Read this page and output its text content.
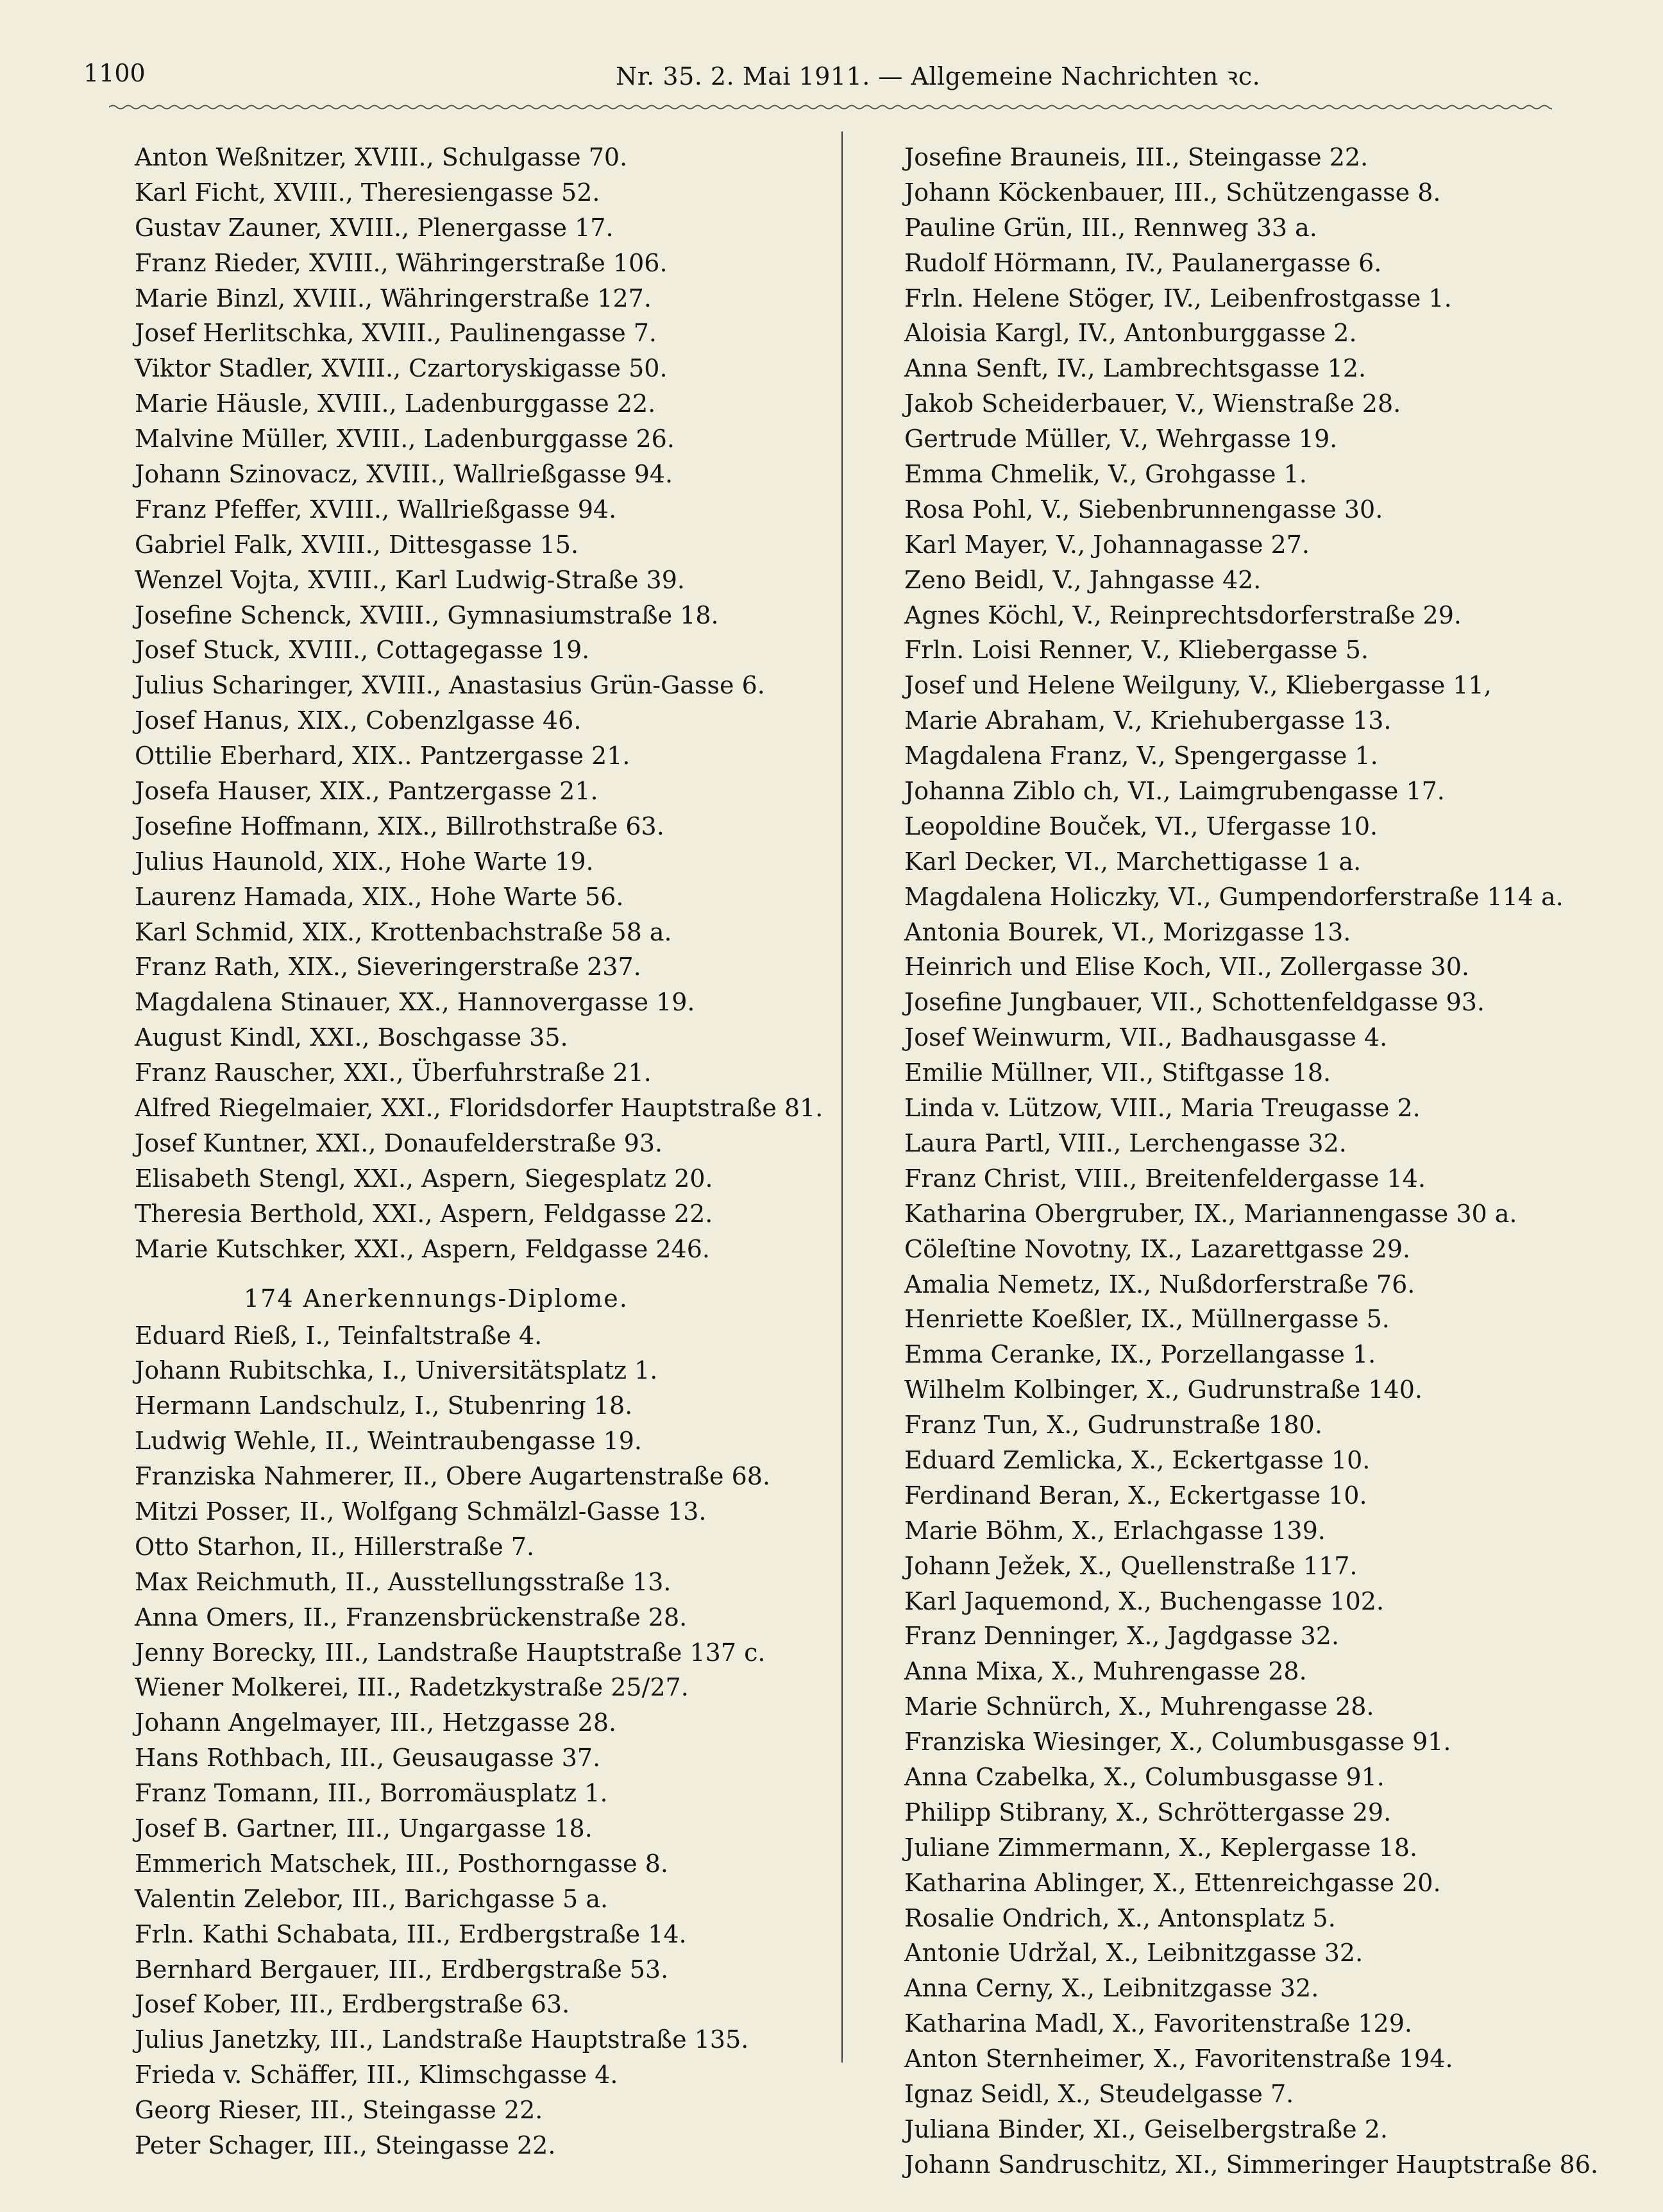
1100	Nr. 35. 2. Mai 1911. — Allgemeine Nachrichten ꝛc.
Anton Weßnitzer, XVIII., Schulgasse 70.
Karl Ficht, XVIII., Theresiengasse 52.
Gustav Zauner, XVIII., Plenergasse 17.
Franz Rieder, XVIII., Währingerstraße 106.
Marie Binzl, XVIII., Währingerstraße 127.
Josef Herlitschka, XVIII., Paulinengasse 7.
Viktor Stadler, XVIII., Czartoryskigasse 50.
Marie Häusle, XVIII., Ladenburggasse 22.
Malvine Müller, XVIII., Ladenburggasse 26.
Johann Szinovacz, XVIII., Wallrießgasse 94.
Franz Pfeffer, XVIII., Wallrießgasse 94.
Gabriel Falk, XVIII., Dittesgasse 15.
Wenzel Vojta, XVIII., Karl Ludwig-Straße 39.
Josefine Schenck, XVIII., Gymnasiumstraße 18.
Josef Stuck, XVIII., Cottagegasse 19.
Julius Scharinger, XVIII., Anastasius Grün-Gasse 6.
Josef Hanus, XIX., Cobenzlgasse 46.
Ottilie Eberhard, XIX.. Pantzergasse 21.
Josefa Hauser, XIX., Pantzergasse 21.
Josefine Hoffmann, XIX., Billrothstraße 63.
Julius Haunold, XIX., Hohe Warte 19.
Laurenz Hamada, XIX., Hohe Warte 56.
Karl Schmid, XIX., Krottenbachstraße 58 a.
Franz Rath, XIX., Sieveringerstraße 237.
Magdalena Stinauer, XX., Hannovergasse 19.
August Kindl, XXI., Boschgasse 35.
Franz Rauscher, XXI., Überfuhrstraße 21.
Alfred Riegelmaier, XXI., Floridsdorfer Hauptstraße 81.
Josef Kuntner, XXI., Donaufelderstraße 93.
Elisabeth Stengl, XXI., Aspern, Siegesplatz 20.
Theresia Berthold, XXI., Aspern, Feldgasse 22.
Marie Kutschker, XXI., Aspern, Feldgasse 246.
174 Anerkennungs-Diplome.
Eduard Rieß, I., Teinfaltstraße 4.
Johann Rubitschka, I., Universitätsplatz 1.
Hermann Landschulz, I., Stubenring 18.
Ludwig Wehle, II., Weintraubengasse 19.
Franziska Nahmerer, II., Obere Augartenstraße 68.
Mitzi Posser, II., Wolfgang Schmälzl-Gasse 13.
Otto Starhon, II., Hillerstraße 7.
Max Reichmuth, II., Ausstellungsstraße 13.
Anna Omers, II., Franzensbrückenstraße 28.
Jenny Borecky, III., Landstraße Hauptstraße 137 c.
Wiener Molkerei, III., Radetzkystraße 25/27.
Johann Angelmayer, III., Hetzgasse 28.
Hans Rothbach, III., Geusaugasse 37.
Franz Tomann, III., Borromäusplatz 1.
Josef B. Gartner, III., Ungargasse 18.
Emmerich Matschek, III., Posthorngasse 8.
Valentin Zelebor, III., Barichgasse 5 a.
Frln. Kathi Schabata, III., Erdbergstraße 14.
Bernhard Bergauer, III., Erdbergstraße 53.
Josef Kober, III., Erdbergstraße 63.
Julius Janetzky, III., Landstraße Hauptstraße 135.
Frieda v. Schäffer, III., Klimschgasse 4.
Georg Rieser, III., Steingasse 22.
Peter Schager, III., Steingasse 22.
Josefine Brauneis, III., Steingasse 22.
Johann Köckenbauer, III., Schützengasse 8.
Pauline Grün, III., Rennweg 33 a.
Rudolf Hörmann, IV., Paulanergasse 6.
Frln. Helene Stöger, IV., Leibenfrostgasse 1.
Aloisia Kargl, IV., Antonburggasse 2.
Anna Senft, IV., Lambrechtsgasse 12.
Jakob Scheiderbauer, V., Wienstraße 28.
Gertrude Müller, V., Wehrgasse 19.
Emma Chmelik, V., Grohgasse 1.
Rosa Pohl, V., Siebenbrunnengasse 30.
Karl Mayer, V., Johannagasse 27.
Zeno Beidl, V., Jahngasse 42.
Agnes Köchl, V., Reinprechtsdorferstraße 29.
Frln. Loisi Renner, V., Kliebergasse 5.
Josef und Helene Weilguny, V., Kliebergasse 11,
Marie Abraham, V., Kriehubergasse 13.
Magdalena Franz, V., Spengergasse 1.
Johanna Ziblo ch, VI., Laimgrubengasse 17.
Leopoldine Bouček, VI., Ufergasse 10.
Karl Decker, VI., Marchettigasse 1 a.
Magdalena Holiczky, VI., Gumpendorferstraße 114 a.
Antonia Bourek, VI., Morizgasse 13.
Heinrich und Elise Koch, VII., Zollergasse 30.
Josefine Jungbauer, VII., Schottenfeldgasse 93.
Josef Weinwurm, VII., Badhausgasse 4.
Emilie Müllner, VII., Stiftgasse 18.
Linda v. Lützow, VIII., Maria Treugasse 2.
Laura Partl, VIII., Lerchengasse 32.
Franz Christ, VIII., Breitenfeldergasse 14.
Katharina Obergruber, IX., Mariannengasse 30 a.
Cöleſtine Novotny, IX., Lazarettgasse 29.
Amalia Nemetz, IX., Nußdorferstraße 76.
Henriette Koeßler, IX., Müllnergasse 5.
Emma Ceranke, IX., Porzellangasse 1.
Wilhelm Kolbinger, X., Gudrunstraße 140.
Franz Tun, X., Gudrunstraße 180.
Eduard Zemlicka, X., Eckertgasse 10.
Ferdinand Beran, X., Eckertgasse 10.
Marie Böhm, X., Erlachgasse 139.
Johann Ježek, X., Quellenstraße 117.
Karl Jaquemond, X., Buchengasse 102.
Franz Denninger, X., Jagdgasse 32.
Anna Mixa, X., Muhrengasse 28.
Marie Schnürch, X., Muhrengasse 28.
Franziska Wiesinger, X., Columbusgasse 91.
Anna Czabelka, X., Columbusgasse 91.
Philipp Stibrany, X., Schröttergasse 29.
Juliane Zimmermann, X., Keplergasse 18.
Katharina Ablinger, X., Ettenreichgasse 20.
Rosalie Ondrich, X., Antonsplatz 5.
Antonie Udržal, X., Leibnitzgasse 32.
Anna Cerny, X., Leibnitzgasse 32.
Katharina Madl, X., Favoritenstraße 129.
Anton Sternheimer, X., Favoritenstraße 194.
Ignaz Seidl, X., Steudelgasse 7.
Juliana Binder, XI., Geiselbergstraße 2.
Johann Sandruschitz, XI., Simmeringer Hauptstraße 86.
